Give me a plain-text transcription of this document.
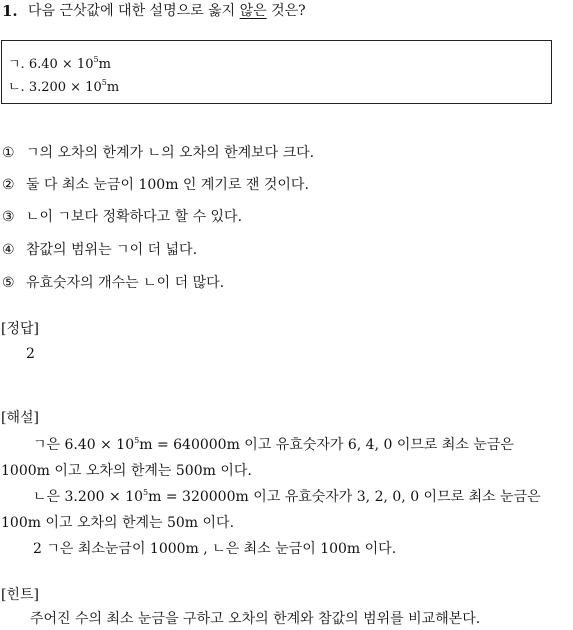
1. 다음 근삿값에 대한 설명으로 옳지 않은 것은?
ㄱ. $6.40 \times 10^5m$
ㄴ. $3.200 \times 10^5m$
① ㄱ의 오차의 한계가 ㄴ의 오차의 한계보다 크다.
② 둘 다 최소 눈금이 100m 인 계기로 잰 것이다.
③ ㄴ이 ㄱ보다 정확하다고 할 수 있다.
④ 참값의 범위는 ㄱ이 더 넓다.
⑤ 유효숫자의 개수는 ㄴ이 더 많다.
[정답]
2
[해설]
ㄱ은 $6.40 \times 10^5m = 640000m$ 이고 유효숫자가 6, 4, 0 이므로 최소 눈금은
1000m 이고 오차의 한계는 500m 이다.
ㄴ은 $3.200 \times 10^5m = 320000m$ 이고 유효숫자가 3, 2, 0, 0 이므로 최소 눈금은
100m 이고 오차의 한계는 50m 이다.
2 ㄱ은 최소눈금이 1000m , ㄴ은 최소 눈금이 100m 이다.
[힌트]
주어진 수의 최소 눈금을 구하고 오차의 한계와 참값의 범위를 비교해본다.
